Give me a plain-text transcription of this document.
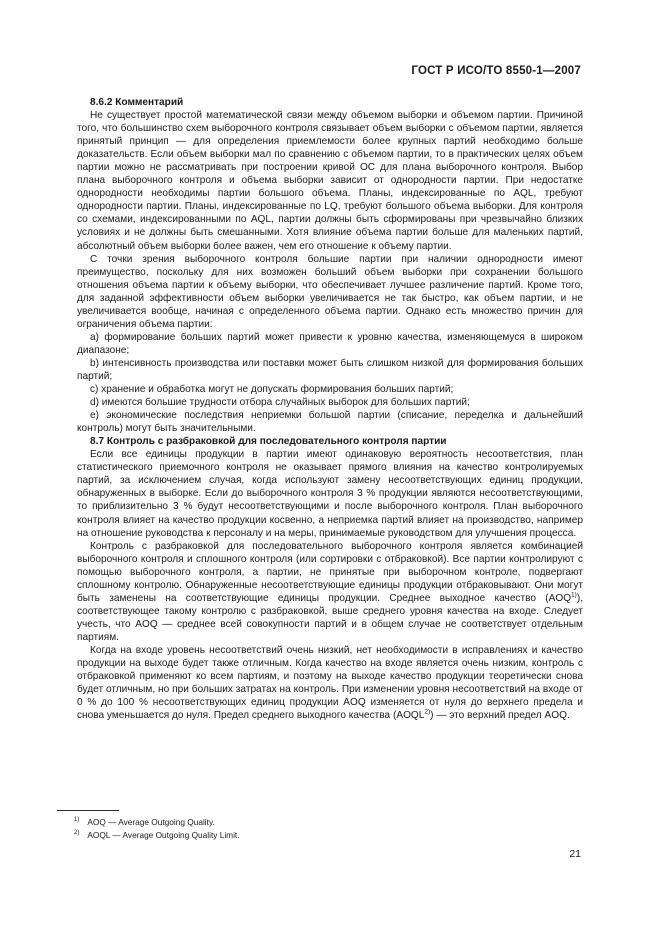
ГОСТ Р ИСО/ТО 8550-1—2007

8.6.2 Комментарий

Не существует простой математической связи между объемом выборки и объемом партии. Причиной того, что большинство схем выборочного контроля связывает объем выборки с объемом партии, является принятый принцип — для определения приемлемости более крупных партий необходимо больше доказательств. Если объем выборки мал по сравнению с объемом партии, то в практических целях объем партии можно не рассматривать при построении кривой ОС для плана выборочного контроля. Выбор плана выборочного контроля и объема выборки зависит от однородности партии. При недостатке однородности необходимы партии большого объема. Планы, индексированные по AQL, требуют однородности партии. Планы, индексированные по LQ, требуют большого объема выборки. Для контроля со схемами, индексированными по AQL, партии должны быть сформированы при чрезвычайно близких условиях и не должны быть смешанными. Хотя влияние объема партии больше для маленьких партий, абсолютный объем выборки более важен, чем его отношение к объему партии.

С точки зрения выборочного контроля большие партии при наличии однородности имеют преимущество, поскольку для них возможен больший объем выборки при сохранении большого отношения объема партии к объему выборки, что обеспечивает лучшее различение партий. Кроме того, для заданной эффективности объем выборки увеличивается не так быстро, как объем партии, и не увеличивается вообще, начиная с определенного объема партии. Однако есть множество причин для ограничения объема партии:

а) формирование больших партий может привести к уровню качества, изменяющемуся в широком диапазоне;

b) интенсивность производства или поставки может быть слишком низкой для формирования больших партий;

c) хранение и обработка могут не допускать формирования больших партий;

d) имеются большие трудности отбора случайных выборок для больших партий;

e) экономические последствия неприемки большой партии (списание, переделка и дальнейший контроль) могут быть значительными.

8.7 Контроль с разбраковкой для последовательного контроля партии

Если все единицы продукции в партии имеют одинаковую вероятность несоответствия, план статистического приемочного контроля не оказывает прямого влияния на качество контролируемых партий, за исключением случая, когда используют замену несоответствующих единиц продукции, обнаруженных в выборке. Если до выборочного контроля 3 % продукции являются несоответствующими, то приблизительно 3 % будут несоответствующими и после выборочного контроля. План выборочного контроля влияет на качество продукции косвенно, а неприемка партий влияет на производство, например на отношение руководства к персоналу и на меры, принимаемые руководством для улучшения процесса.

Контроль с разбраковкой для последовательного выборочного контроля является комбинацией выборочного контроля и сплошного контроля (или сортировки с отбраковкой). Все партии контролируют с помощью выборочного контроля, а партии, не принятые при выборочном контроле, подвергают сплошному контролю. Обнаруженные несоответствующие единицы продукции отбраковывают. Они могут быть заменены на соответствующие единицы продукции. Среднее выходное качество (AOQ$^{1)}$), соответствующее такому контролю с разбраковкой, выше среднего уровня качества на входе. Следует учесть, что AOQ — среднее всей совокупности партий и в общем случае не соответствует отдельным партиям.

Когда на входе уровень несоответствий очень низкий, нет необходимости в исправлениях и качество продукции на выходе будет также отличным. Когда качество на входе является очень низким, контроль с отбраковкой применяют ко всем партиям, и поэтому на выходе качество продукции теоретически снова будет отличным, но при больших затратах на контроль. При изменении уровня несоответствий на входе от 0 % до 100 % несоответствующих единиц продукции AOQ изменяется от нуля до верхнего предела и снова уменьшается до нуля. Предел среднего выходного качества (AOQL$^{2)}$) — это верхний предел AOQ.

$^{1)}$ AOQ — Average Outgoing Quality.
$^{2)}$ AOQL — Average Outgoing Quality Limit.
21
